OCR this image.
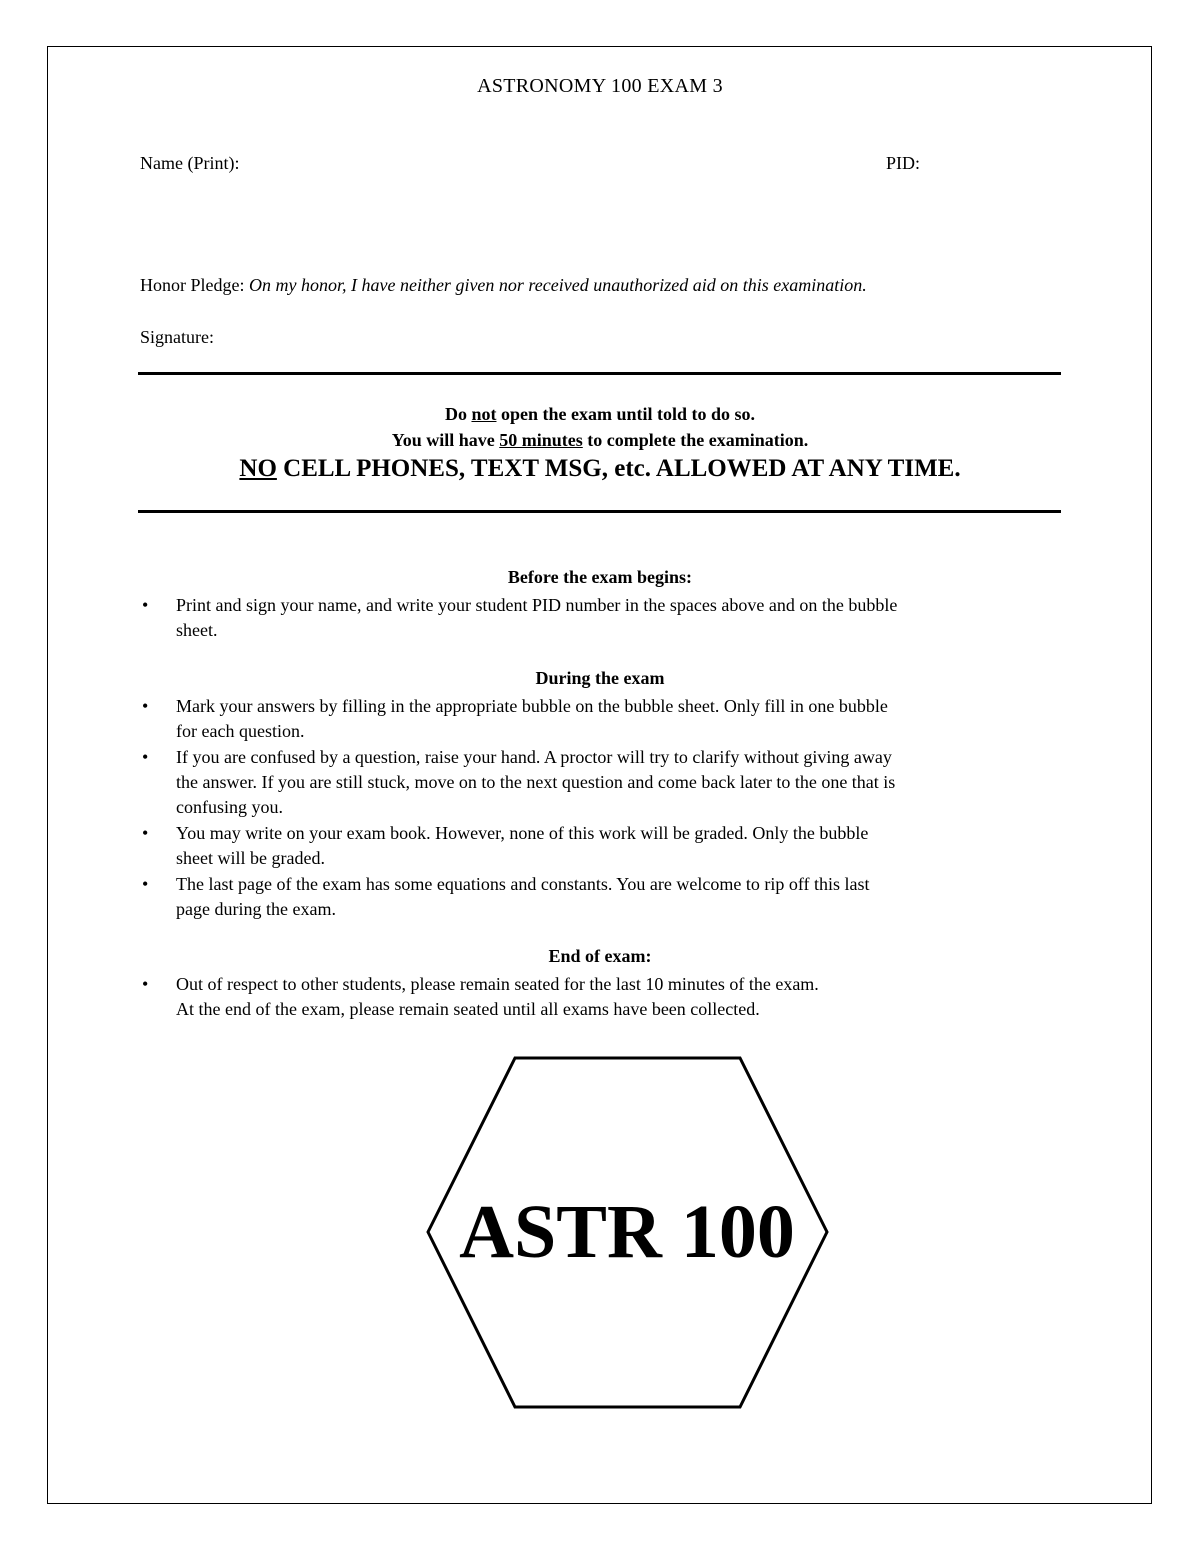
ASTRONOMY 100 EXAM 3
Name (Print):	PID:
Honor Pledge: On my honor, I have neither given nor received unauthorized aid on this examination.
Signature:
Do not open the exam until told to do so.
You will have 50 minutes to complete the examination.
NO CELL PHONES, TEXT MSG, etc. ALLOWED AT ANY TIME.
Before the exam begins:
• Print and sign your name, and write your student PID number in the spaces above and on the bubble
sheet.
During the exam
• Mark your answers by filling in the appropriate bubble on the bubble sheet. Only fill in one bubble
for each question.
• If you are confused by a question, raise your hand. A proctor will try to clarify without giving away
the answer. If you are still stuck, move on to the next question and come back later to the one that is
confusing you.
• You may write on your exam book. However, none of this work will be graded. Only the bubble
sheet will be graded.
• The last page of the exam has some equations and constants. You are welcome to rip off this last
page during the exam.
End of exam:
• Out of respect to other students, please remain seated for the last 10 minutes of the exam.
At the end of the exam, please remain seated until all exams have been collected.
ASTR 100
